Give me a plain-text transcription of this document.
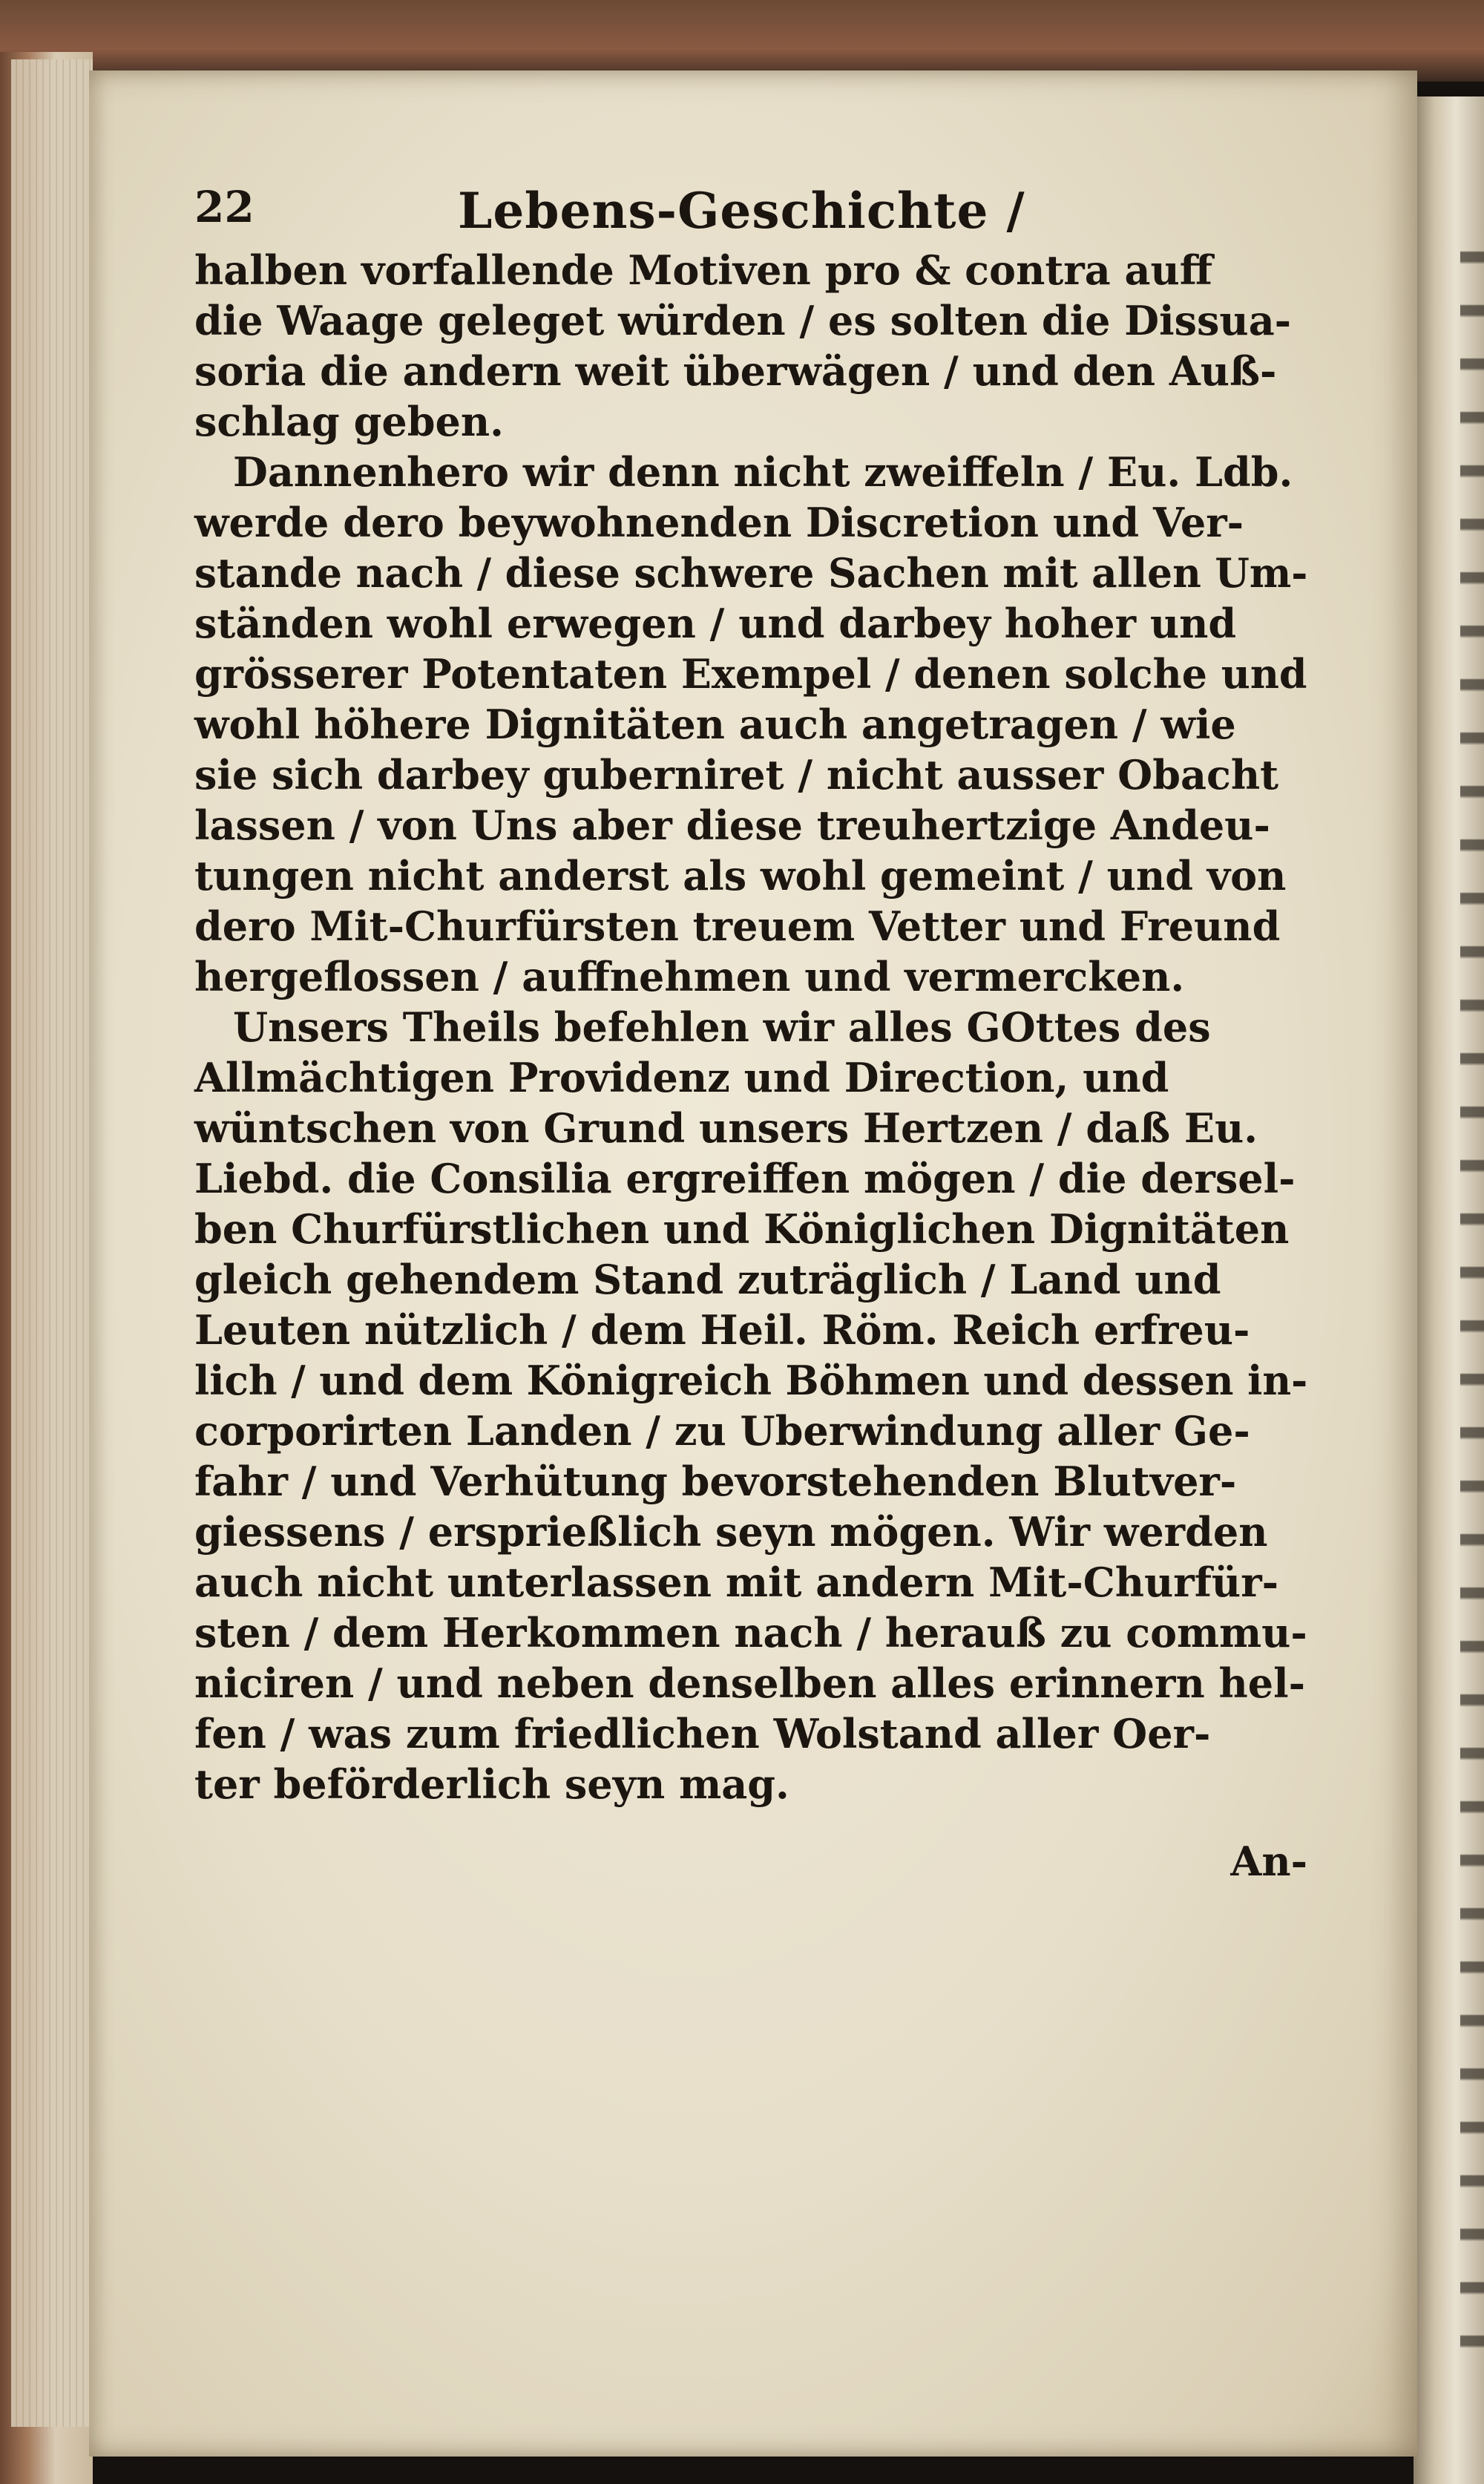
22	Lebens-Geschichte /
halben vorfallende Motiven pro & contra auff
die Waage geleget würden / es solten die Dissua-
soria die andern weit überwägen / und den Auß-
schlag geben.
Dannenhero wir denn nicht zweiffeln / Eu. Ldb.
werde dero beywohnenden Discretion und Ver-
stande nach / diese schwere Sachen mit allen Um-
ständen wohl erwegen / und darbey hoher und
grösserer Potentaten Exempel / denen solche und
wohl höhere Dignitäten auch angetragen / wie
sie sich darbey guberniret / nicht ausser Obacht
lassen / von Uns aber diese treuhertzige Andeu-
tungen nicht anderst als wohl gemeint / und von
dero Mit-Churfürsten treuem Vetter und Freund
hergeflossen / auffnehmen und vermercken.
Unsers Theils befehlen wir alles GOttes des
Allmächtigen Providenz und Direction, und
wüntschen von Grund unsers Hertzen / daß Eu.
Liebd. die Consilia ergreiffen mögen / die dersel-
ben Churfürstlichen und Königlichen Dignitäten
gleich gehendem Stand zuträglich / Land und
Leuten nützlich / dem Heil. Röm. Reich erfreu-
lich / und dem Königreich Böhmen und dessen in-
corporirten Landen / zu Uberwindung aller Ge-
fahr / und Verhütung bevorstehenden Blutver-
giessens / ersprießlich seyn mögen. Wir werden
auch nicht unterlassen mit andern Mit-Churfür-
sten / dem Herkommen nach / herauß zu commu-
niciren / und neben denselben alles erinnern hel-
fen / was zum friedlichen Wolstand aller Oer-
ter beförderlich seyn mag.
An-
